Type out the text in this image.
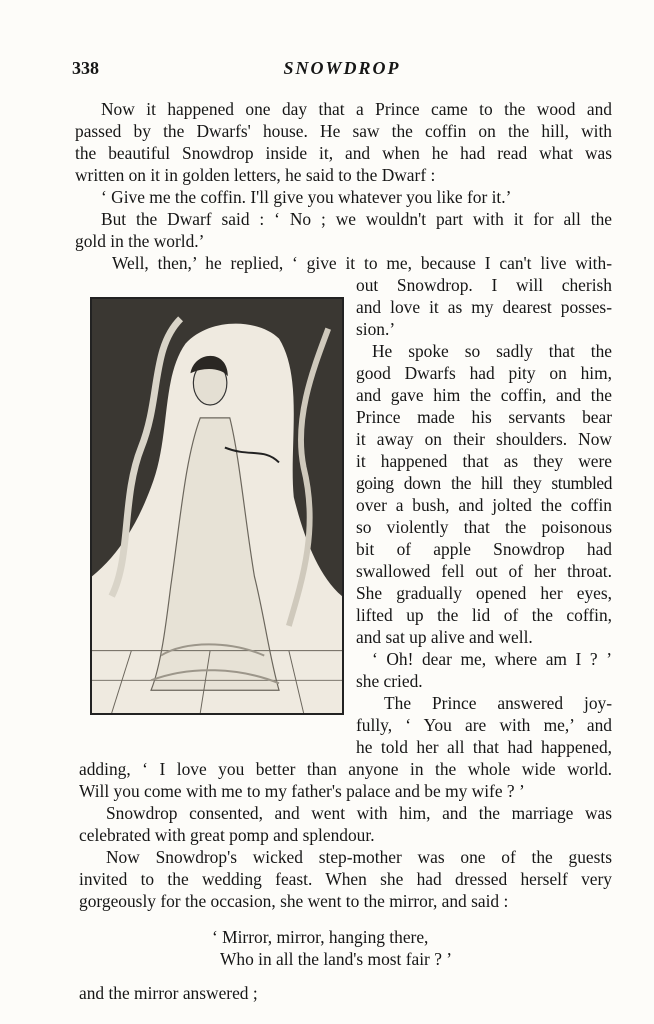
338	SNOWDROP
Now it happened one day that a Prince came to the wood and
passed by the Dwarfs' house. He saw the coffin on the hill, with
the beautiful Snowdrop inside it, and when he had read what was
written on it in golden letters, he said to the Dwarf :
‘ Give me the coffin. I'll give you whatever you like for it.’
But the Dwarf said : ‘ No ; we wouldn't part with it for all the
gold in the world.’
Well, then,’ he replied, ‘ give it to me, because I can't live with-
out Snowdrop. I will cherish
and love it as my dearest posses-
sion.’
He spoke so sadly that the
good Dwarfs had pity on him,
and gave him the coffin, and the
Prince made his servants bear
it away on their shoulders. Now
it happened that as they were
going down the hill they stumbled
over a bush, and jolted the coffin
so violently that the poisonous
bit of apple Snowdrop had
swallowed fell out of her throat.
She gradually opened her eyes,
lifted up the lid of the coffin,
and sat up alive and well.
‘ Oh! dear me, where am I ? ’
she cried.
The Prince answered joy-
fully, ‘ You are with me,’ and
he told her all that had happened,
adding, ‘ I love you better than anyone in the whole wide world.
Will you come with me to my father's palace and be my wife ? ’
Snowdrop consented, and went with him, and the marriage was
celebrated with great pomp and splendour.
Now Snowdrop's wicked step-mother was one of the guests
invited to the wedding feast. When she had dressed herself very
gorgeously for the occasion, she went to the mirror, and said :
‘ Mirror, mirror, hanging there,
Who in all the land's most fair ? ’
and the mirror answered ;
